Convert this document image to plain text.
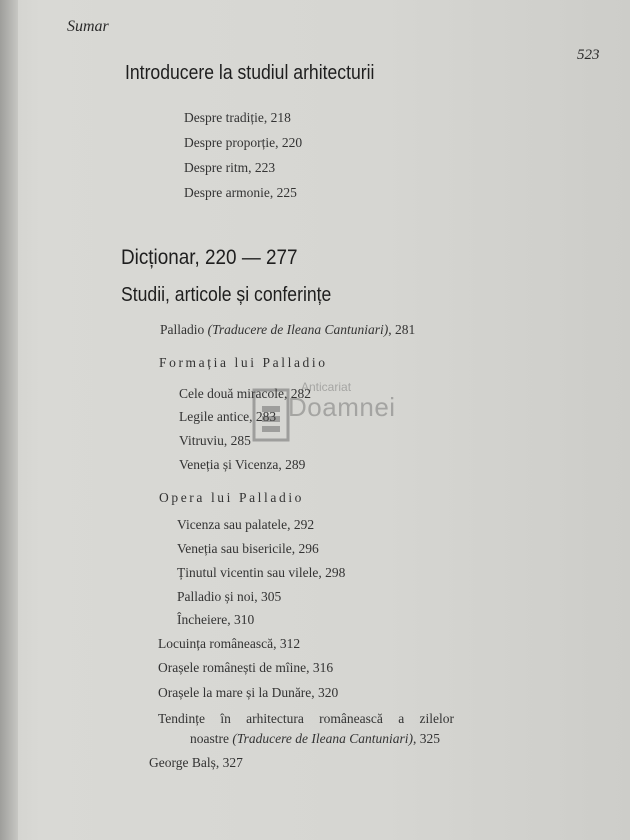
Sumar
523
Introducere la studiul arhitecturii
Despre tradiție, 218
Despre proporție, 220
Despre ritm, 223
Despre armonie, 225
Dicționar, 220 — 277
Studii, articole și conferințe
Palladio (Traducere de Ileana Cantuniari), 281
Formația lui Palladio
Cele două miracole, 282
Legile antice, 283
Vitruviu, 285
Veneția și Vicenza, 289
Opera lui Palladio
Vicenza sau palatele, 292
Veneția sau bisericile, 296
Ținutul vicentin sau vilele, 298
Palladio și noi, 305
Încheiere, 310
Locuința românească, 312
Orașele românești de mîine, 316
Orașele la mare și la Dunăre, 320
Tendințe în arhitectura românească a zilelor
noastre (Traducere de Ileana Cantuniari), 325
George Balș, 327
Anticariat
Doamnei
